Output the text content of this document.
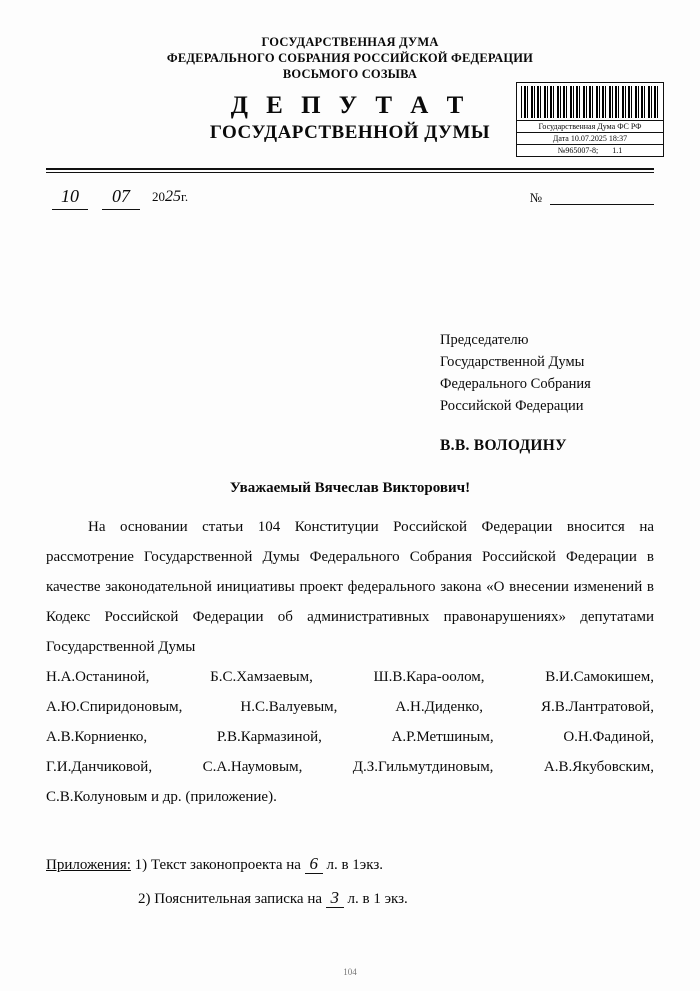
ГОСУДАРСТВЕННАЯ ДУМА
ФЕДЕРАЛЬНОГО СОБРАНИЯ РОССИЙСКОЙ ФЕДЕРАЦИИ
ВОСЬМОГО СОЗЫВА
Д Е П У Т А Т
ГОСУДАРСТВЕННОЙ ДУМЫ	Государственная Дума ФС РФ
Дата 10.07.2025 18:37
№965007-8; 1.1
10	07	2025г.	№
Председателю
Государственной Думы
Федерального Собрания
Российской Федерации
В.В. ВОЛОДИНУ
Уважаемый Вячеслав Викторович!

На основании статьи 104 Конституции Российской Федерации вносится на рассмотрение Государственной Думы Федерального Собрания Российской Федерации в качестве законодательной инициативы проект федерального закона «О внесении изменений в Кодекс Российской Федерации об административных правонарушениях» депутатами Государственной Думы

Н.А.Останиной,	Б.С.Хамзаевым,	Ш.В.Кара-оолом,	В.И.Самокишем,
А.Ю.Спиридоновым,	Н.С.Валуевым,	А.Н.Диденко,	Я.В.Лантратовой,
А.В.Корниенко,	Р.В.Кармазиной,	А.Р.Метшиным,	О.Н.Фадиной,
Г.И.Данчиковой,	С.А.Наумовым,	Д.З.Гильмутдиновым,	А.В.Якубовским,
С.В.Колуновым и др. (приложение).
Приложения: 1) Текст законопроекта на 6 л. в 1экз.
2) Пояснительная записка на 3 л. в 1 экз.
104
